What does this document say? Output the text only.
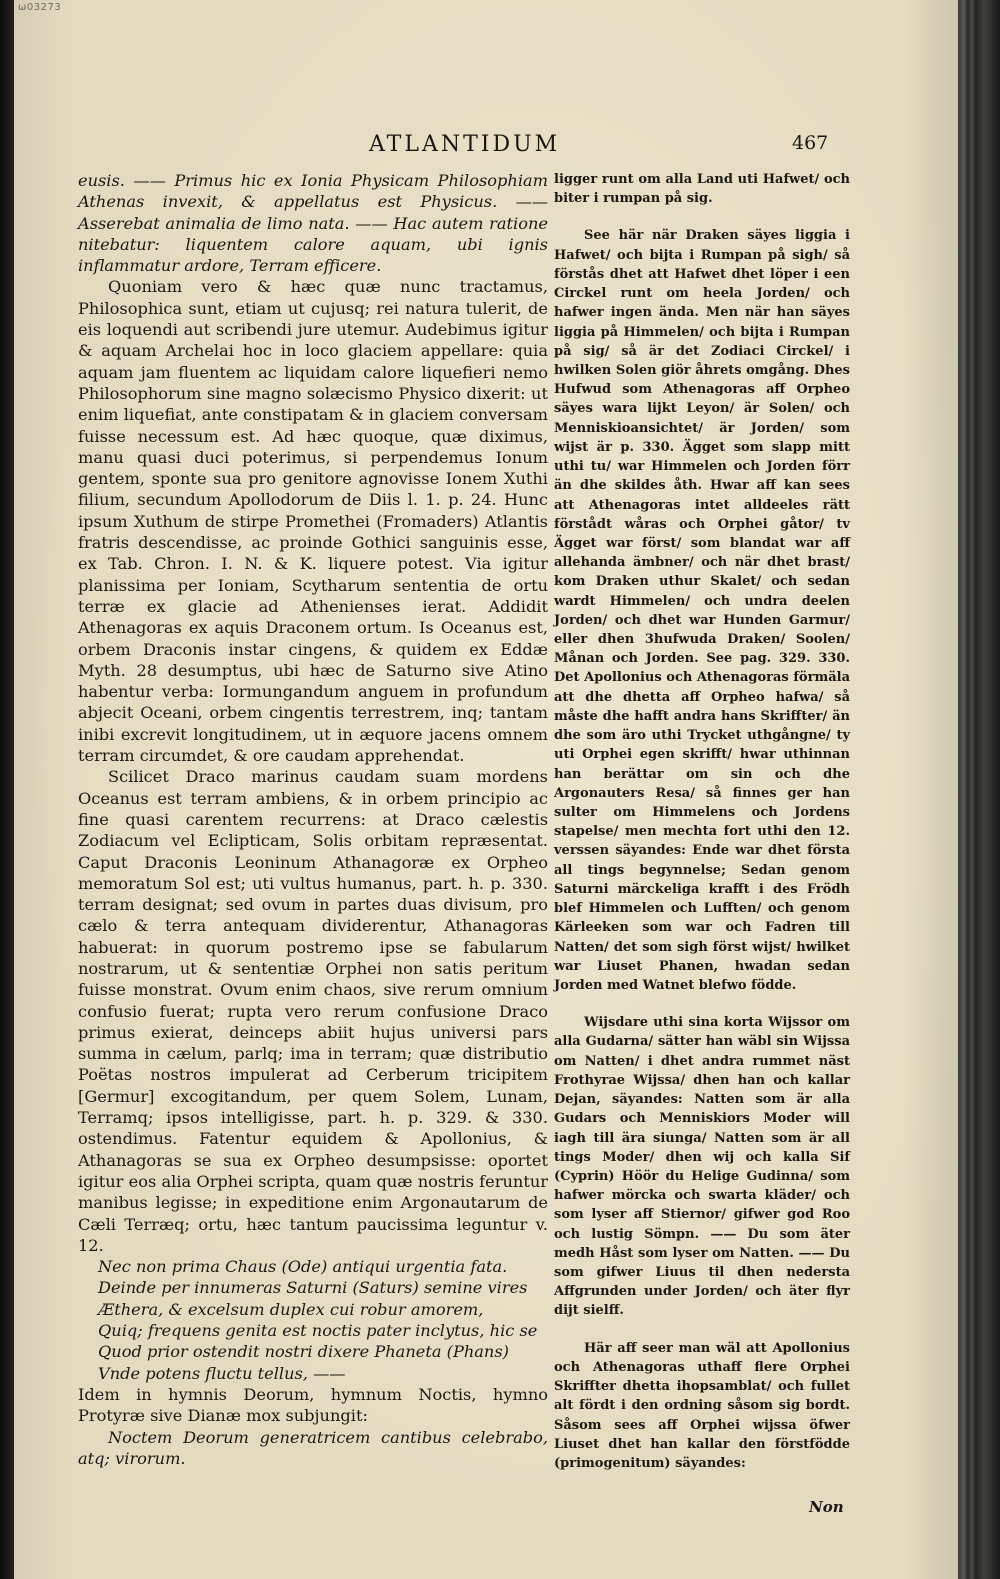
ω03273
ATLANTIDUM	467

eusis. —— Primus hic ex Ionia Physicam Philosophiam Athenas invexit, & appellatus est Physicus. —— Asserebat animalia de limo nata. —— Hac autem ratione nitebatur: liquentem calore aquam, ubi ignis inflammatur ardore, Terram efficere.

Quoniam vero & hæc quæ nunc tractamus, Philosophica sunt, etiam ut cujusq; rei natura tulerit, de eis loquendi aut scribendi jure utemur. Audebimus igitur & aquam Archelai hoc in loco glaciem appellare: quia aquam jam fluentem ac liquidam calore liquefieri nemo Philosophorum sine magno solæcismo Physico dixerit: ut enim liquefiat, ante constipatam & in glaciem conversam fuisse necessum est. Ad hæc quoque, quæ diximus, manu quasi duci poterimus, si perpendemus Ionum gentem, sponte sua pro genitore agnovisse Ionem Xuthi filium, secundum Apollodorum de Diis l. 1. p. 24. Hunc ipsum Xuthum de stirpe Promethei (Fromaders) Atlantis fratris descendisse, ac proinde Gothici sanguinis esse, ex Tab. Chron. I. N. & K. liquere potest. Via igitur planissima per Ioniam, Scytharum sententia de ortu terræ ex glacie ad Athenienses ierat. Addidit Athenagoras ex aquis Draconem ortum. Is Oceanus est, orbem Draconis instar cingens, & quidem ex Eddæ Myth. 28 desumptus, ubi hæc de Saturno sive Atino habentur verba: Iormungandum anguem in profundum abjecit Oceani, orbem cingentis terrestrem, inq; tantam inibi excrevit longitudinem, ut in æquore jacens omnem terram circumdet, & ore caudam apprehendat.

Scilicet Draco marinus caudam suam mordens Oceanus est terram ambiens, & in orbem principio ac fine quasi carentem recurrens: at Draco cælestis Zodiacum vel Eclipticam, Solis orbitam repræsentat. Caput Draconis Leoninum Athanagoræ ex Orpheo memoratum Sol est; uti vultus humanus, part. h. p. 330. terram designat; sed ovum in partes duas divisum, pro cælo & terra antequam dividerentur, Athanagoras habuerat: in quorum postremo ipse se fabularum nostrarum, ut & sententiæ Orphei non satis peritum fuisse monstrat. Ovum enim chaos, sive rerum omnium confusio fuerat; rupta vero rerum confusione Draco primus exierat, deinceps abiit hujus universi pars summa in cælum, parlq; ima in terram; quæ distributio Poëtas nostros impulerat ad Cerberum tricipitem [Germur] excogitandum, per quem Solem, Lunam, Terramq; ipsos intelligisse, part. h. p. 329. & 330. ostendimus. Fatentur equidem & Apollonius, & Athanagoras se sua ex Orpheo desumpsisse: oportet igitur eos alia Orphei scripta, quam quæ nostris feruntur manibus legisse; in expeditione enim Argonautarum de Cæli Terræq; ortu, hæc tantum paucissima leguntur v. 12.

Nec non prima Chaus (Ode) antiqui urgentia fata.

Deinde per innumeras Saturni (Saturs) semine vires

Æthera, & excelsum duplex cui robur amorem,

Quiq; frequens genita est noctis pater inclytus, hic se

Quod prior ostendit nostri dixere Phaneta (Phans)

Vnde potens fluctu tellus, ——

Idem in hymnis Deorum, hymnum Noctis, hymno Protyræ sive Dianæ mox subjungit:

Noctem Deorum generatricem cantibus celebrabo, atq; virorum.

ligger runt om alla Land uti Hafwet/ och biter i rumpan på sig.

See här när Draken säyes liggia i Hafwet/ och bijta i Rumpan på sigh/ så förstås dhet att Hafwet dhet löper i een Circkel runt om heela Jorden/ och hafwer ingen ända. Men när han säyes liggia på Himmelen/ och bijta i Rumpan på sig/ så är det Zodiaci Circkel/ i hwilken Solen giör åhrets omgång. Dhes Hufwud som Athenagoras aff Orpheo säyes wara lijkt Leyon/ är Solen/ och Menniskioansichtet/ är Jorden/ som wijst är p. 330. Ägget som slapp mitt uthi tu/ war Himmelen och Jorden förr än dhe skildes åth. Hwar aff kan sees att Athenagoras intet alldeeles rätt förstådt wåras och Orphei gåtor/ tv Ägget war först/ som blandat war aff allehanda ämbner/ och när dhet brast/ kom Draken uthur Skalet/ och sedan wardt Himmelen/ och undra deelen Jorden/ och dhet war Hunden Garmur/ eller dhen 3hufwuda Draken/ Soolen/ Månan och Jorden. See pag. 329. 330. Det Apollonius och Athenagoras förmäla att dhe dhetta aff Orpheo hafwa/ så måste dhe hafft andra hans Skriffter/ än dhe som äro uthi Trycket uthgångne/ ty uti Orphei egen skrifft/ hwar uthinnan han berättar om sin och dhe Argonauters Resa/ så finnes ger han sulter om Himmelens och Jordens stapelse/ men mechta fort uthi den 12. verssen säyandes: Ende war dhet första all tings begynnelse; Sedan genom Saturni märckeliga krafft i des Frödh blef Himmelen och Lufften/ och genom Kärleeken som war och Fadren till Natten/ det som sigh först wijst/ hwilket war Liuset Phanen, hwadan sedan Jorden med Watnet blefwo födde.

Wijsdare uthi sina korta Wijssor om alla Gudarna/ sätter han wäbl sin Wijssa om Natten/ i dhet andra rummet näst Frothyrae Wijssa/ dhen han och kallar Dejan, säyandes: Natten som är alla Gudars och Menniskiors Moder will iagh till ära siunga/ Natten som är all tings Moder/ dhen wij och kalla Sif (Cyprin) Höör du Helige Gudinna/ som hafwer mörcka och swarta kläder/ och som lyser aff Stiernor/ gifwer god Roo och lustig Sömpn. —— Du som äter medh Håst som lyser om Natten. —— Du som gifwer Liuus til dhen nedersta Affgrunden under Jorden/ och äter flyr dijt sielff.

Här aff seer man wäl att Apollonius och Athenagoras uthaff flere Orphei Skriffter dhetta ihopsamblat/ och fullet alt fördt i den ordning såsom sig bordt. Såsom sees aff Orphei wijssa öfwer Liuset dhet han kallar den förstfödde (primogenitum) säyandes:

Non
